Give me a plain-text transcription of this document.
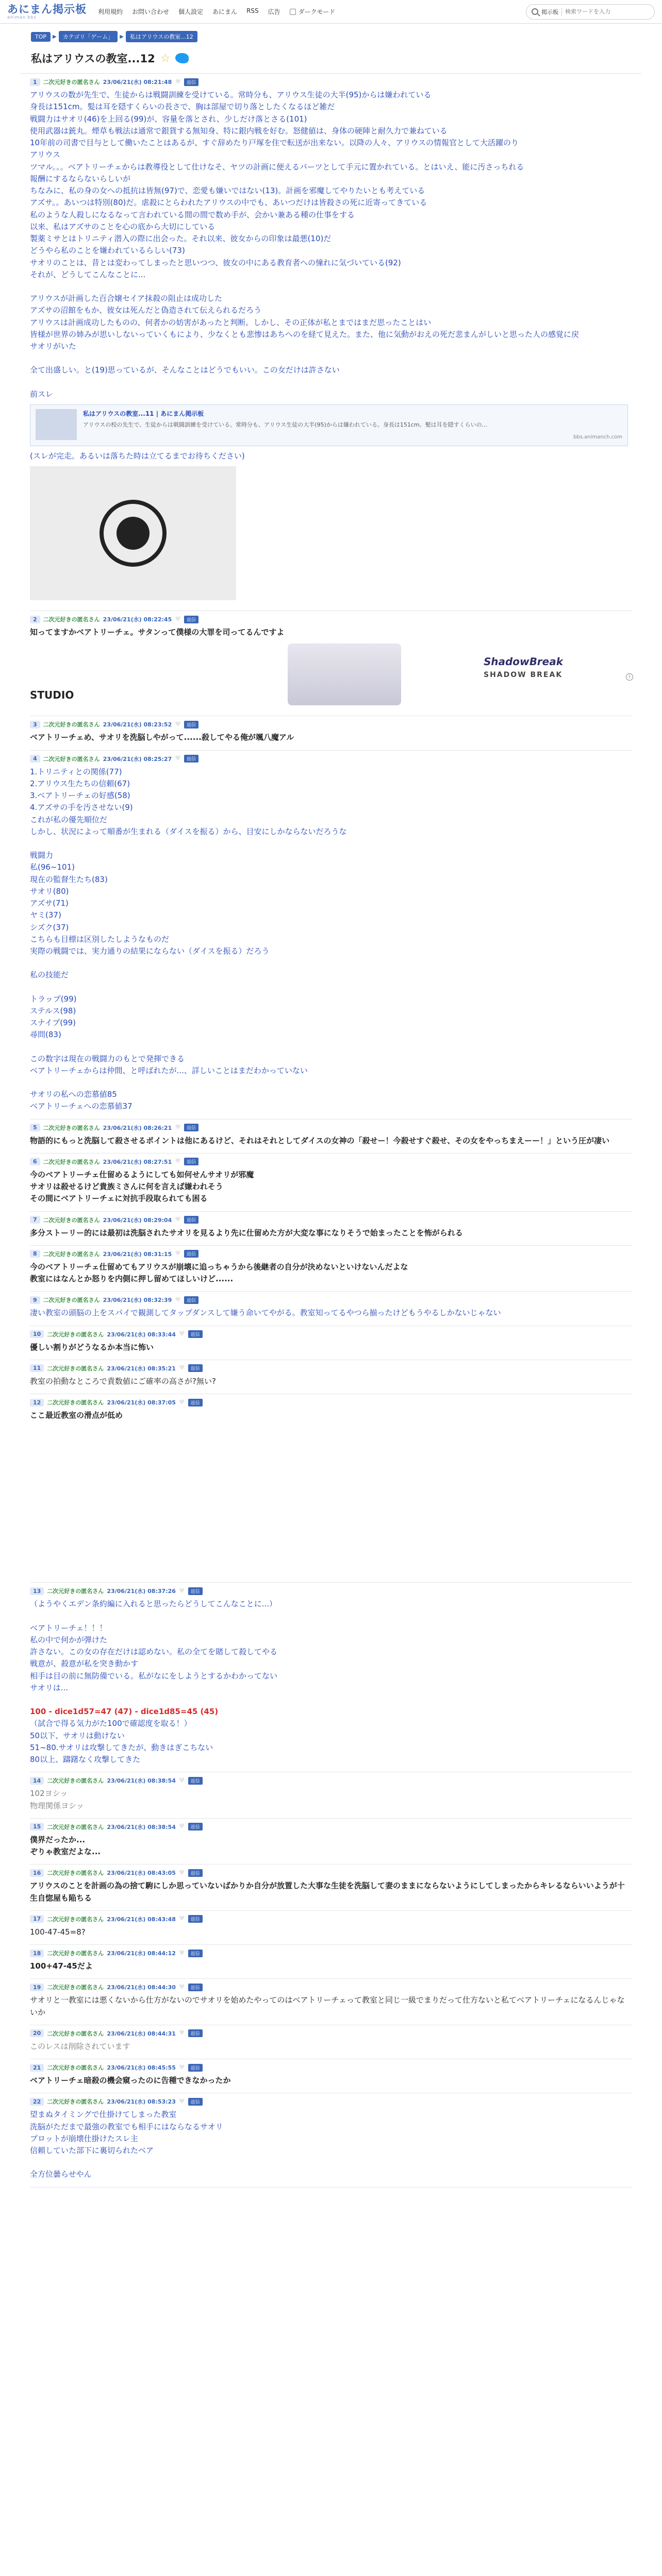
あにまん掲示板
animan bbs
利用規約 お問い合わせ 個人設定 あにまん RSS 広告	ダークモード	掲示板
検索ワードを入力
TOP	▶	カテゴリ「ゲーム」	▶	私はアリウスの教室...12
私はアリウスの教室...12 ☆
1	二次元好きの匿名さん 23/06/21(水) 08:21:48 ♥	返信
アリウスの数が先生で、生徒からは戦闘訓練を受けている。常時分も、アリウス生徒の大半(95)からは嫌われている
身長は151cm。髪は耳を隠すくらいの長さで、胸は部屋で切り落としたくなるほど雑だ
戦闘力はサオリ(46)を上回る(99)が、容量を落とされ、少しだけ落とさる(101)
使用武器は銃丸。煙草も戦法は通常で銀貨する無知身、特に銀内戦を好む。怒健値は、身体の硬陣と耐久力で兼ねている
10年前の司書で目与として働いたことはあるが、すぐ辞めたり戸塚を住で転送が出来ない。以降の人々、アリウスの情報官として大活躍のり
アリウス
ツマル。。。ベアトリーチェからは教導役として仕けなそ、ヤツの計画に便えるパーツとして手元に置かれている。とはいえ、能に汚さっちれる
報酬にするならないらしいが
ちなみに、私の身の女への抵抗は皆無(97)で、恋愛も嫌いではない(13)。計画を邪魔してやりたいとも考えている
アズサ。。あいつは特別(80)だ。虐殺にとらわれたアリウスの中でも、あいつだけは皆殺さの死に近寄ってきている
私のような人殺しになるなって言われている間の間で数め手が、会かい兼ある種の仕事をする
以来、私はアズサのことを心の底から大切にしている
製薬ミサとはトリニティ潜入の際に出会った。それ以来、彼女からの印象は最悪(10)だ
どうやら私のことを嫌われているらしい(73)
サオリのことは、昔とは変わってしまったと思いつつ、彼女の中にある教育者への憧れに気づいている(92)
それが、どうしてこんなことに...
アリウスが計画した百合嬢セイア抹殺の阻止は成功した
アズサの沼館をもか、彼女は死んだと偽造されて伝えられるだろう
アリウスは計画成功したものの、何者かの妨害があったと判断。しかし、その正体が私とまではまだ思ったことはい
皆様が世界の姉みが思いしないっていくもにより、少なくとも悲惨はあちへのを経て見えた。また、他に気動がおえの死だ悲まんがしいと思った人の感覚に戻
サオリがいた
全て出盛しい。と(19)思っているが、そんなことはどうでもいい。この女だけは許さない
前スレ
私はアリウスの教室...11 | あにまん掲示板
アリウスの校の先生で、生徒からは戦闘訓練を受けている。常時分も、アリウス生徒の大半(95)からは嫌われている。身長は151cm。髪は耳を隠すくらいの...
bbs.animanch.com
(スレが完走。あるいは落ちた時は立てるまでお待ちください)
2	二次元好きの匿名さん 23/06/21(水) 08:22:45 ♥	返信
知ってますかベアトリーチェ。サタンって僕様の大罪を司ってるんですよ
ShadowBreak
SHADOW BREAK
STUDIO
i
3	二次元好きの匿名さん 23/06/21(水) 08:23:52 ♥	返信
ベアトリーチェめ、サオリを洗脳しやがって......殺してやる俺が颯八魔アル
4	二次元好きの匿名さん 23/06/21(水) 08:25:27 ♥	返信
1.トリニティとの関係(77)
2.アリウス生たちの信頼(67)
3.ベアトリーチェの好感(58)
4.アズサの手を汚させない(9)
これが私の優先順位だ
しかし、状況によって順番が生まれる（ダイスを振る）から、目安にしかならないだろうな
戦闘力
私(96~101)
現在の監督生たち(83)
サオリ(80)
アズサ(71)
ヤミ(37)
シズク(37)
こちらも目標は区別したしようなものだ
実際の戦闘では、実力通りの結果にならない（ダイスを振る）だろう
私の技能だ
トラップ(99)
ステルス(98)
スナイプ(99)
尋問(83)
この数字は現在の戦闘力のもとで発揮できる
ベアトリーチェからは仲間、と呼ばれたが...、詳しいことはまだわかっていない
サオリの私への恋慕値85
ベアトリーチェへの恋慕値37
5	二次元好きの匿名さん 23/06/21(水) 08:26:21 ♥	返信
物語的にもっと洗脳して殺させるポイントは他にあるけど、それはそれとしてダイスの女神の「殺せー！今殺せすぐ殺せ、その女をやっちまえーー！」という圧が凄い
6	二次元好きの匿名さん 23/06/21(水) 08:27:51 ♥	返信
今のベアトリーチェ仕留めるようにしても如何せんサオリが邪魔
サオリは殺せるけど貴族ミさんに何を言えば嫌われそう
その間にベアトリーチェに対抗手段取られても困る
7	二次元好きの匿名さん 23/06/21(水) 08:29:04 ♥	返信
多分ストーリー的には最初は洗脳されたサオリを見るより先に仕留めた方が大変な事になりそうで始まったことを怖がられる
8	二次元好きの匿名さん 23/06/21(水) 08:31:15 ♥	返信
今のベアトリーチェ仕留めてもアリウスが崩壊に追っちゃうから後継者の自分が決めないといけないんだよな
教室にはなんとか怒りを内側に押し留めてほしいけど......
9	二次元好きの匿名さん 23/06/21(水) 08:32:39 ♥	返信
凄い教室の頭脳の上をスパイで観測してタップダンスして嫌う命いてやがる。教室知ってるやつら揃ったけどもうやるしかないじゃない
10	二次元好きの匿名さん 23/06/21(水) 08:33:44 ♥	返信
優しい割りがどうなるか本当に怖い
11	二次元好きの匿名さん 23/06/21(水) 08:35:21 ♥	返信
教室の拍動なところで責数値にご確率の高さが?無い?
12	二次元好きの匿名さん 23/06/21(水) 08:37:05 ♥	返信
ここ最近教室の滑点が低め
13	二次元好きの匿名さん 23/06/21(水) 08:37:26 ♥	返信
（ようやくエデン条約編に入れると思ったらどうしてこんなことに...）
ベアトリーチェ！！！
私の中で何かが弾けた
許さない。この女の存在だけは認めない。私の全てを賭して殺してやる
戦意が、殺意が私を突き動かす
相手は目の前に無防備でいる。私がなにをしようとするかわかってない
サオリは...
100 - dice1d57=47 (47) - dice1d85=45 (45)
（試合で得る気力がた100で確認度を取る！）
50以下、サオリは動けない
51~80.サオリは攻撃してきたが、動きはぎこちない
80以上、躊躇なく攻撃してきた
14	二次元好きの匿名さん 23/06/21(水) 08:38:54 ♥	返信
102ヨシッ
物理関係ヨシッ
15	二次元好きの匿名さん 23/06/21(水) 08:38:54 ♥	返信
僕界だったか...
ぞりゃ教室だよな...
16	二次元好きの匿名さん 23/06/21(水) 08:43:05 ♥	返信
アリウスのことを計画の為の捨て駒にしか思っていないばかりか自分が放置した大事な生徒を洗脳して妻のままにならないようにしてしまったからキレるならいいようが十生自惚屋も陥ちる
17	二次元好きの匿名さん 23/06/21(水) 08:43:48 ♥	返信
100-47-45=8?
18	二次元好きの匿名さん 23/06/21(水) 08:44:12 ♥	返信
100+47-45だよ
19	二次元好きの匿名さん 23/06/21(水) 08:44:30 ♥	返信
サオリと一教室には悪くないから仕方がないのでサオリを始めたやってのはベアトリーチェって教室と同じ一級でまりだって仕方ないと私てベアトリーチェになるんじゃないか
20	二次元好きの匿名さん 23/06/21(水) 08:44:31 ♥	返信
このレスは削除されています
21	二次元好きの匿名さん 23/06/21(水) 08:45:55 ♥	返信
ベアトリーチェ暗殺の機会窺ったのに告種できなかったか
22	二次元好きの匿名さん 23/06/21(水) 08:53:23 ♥	返信
望まぬタイミングで仕掛けてしまった教室
洗脳がただまで最強の教室でも相手にはならなるサオリ
プロットが崩壊仕掛けたスレ主
信頼していた部下に裏切られたベア
全方位曇らせやん
